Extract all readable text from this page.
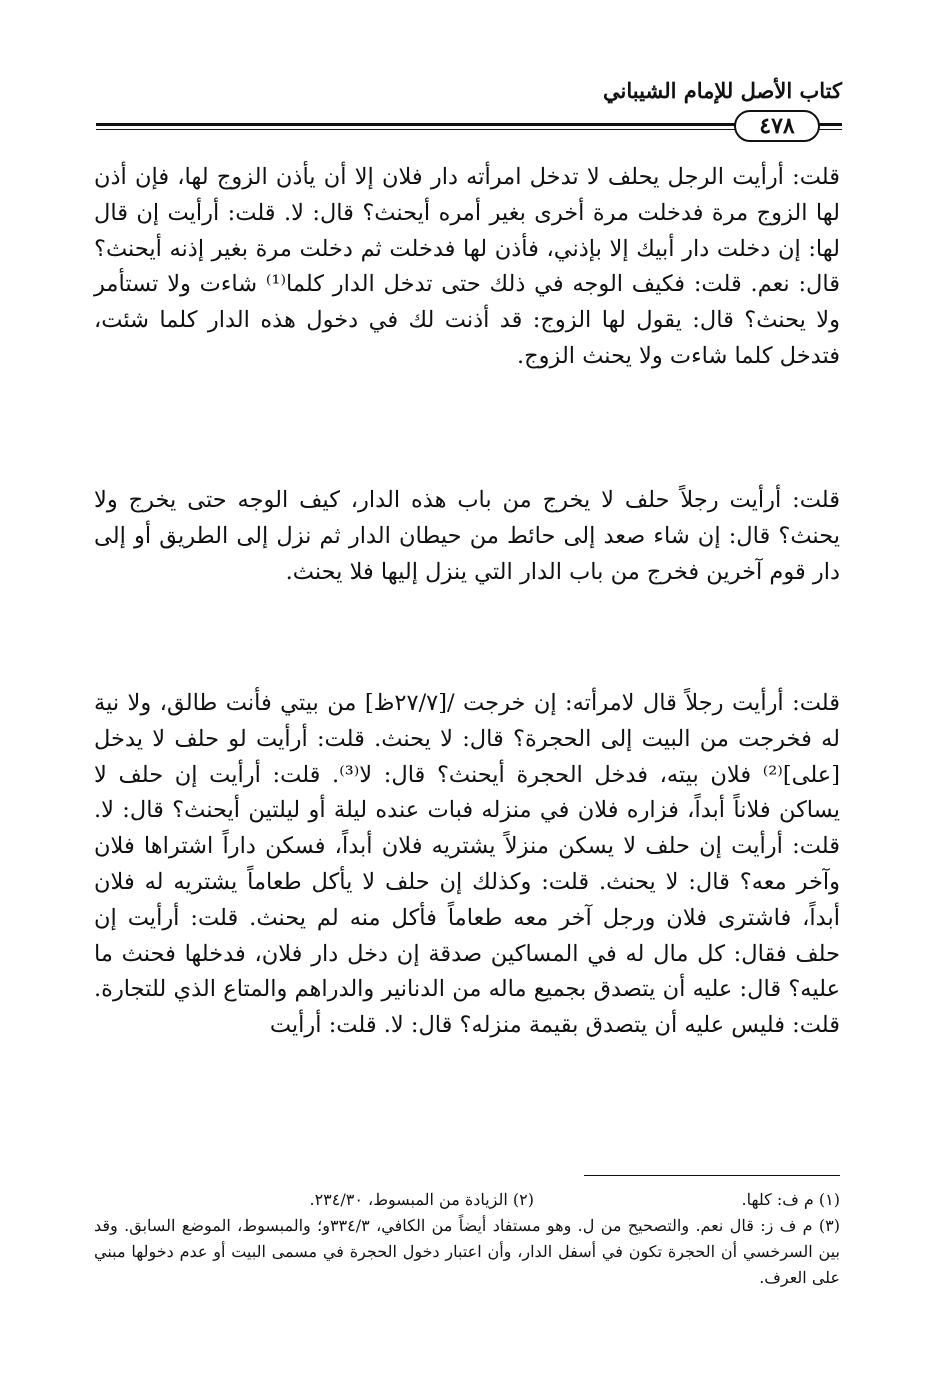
كتاب الأصل للإمام الشيباني
٤٧٨

قلت: أرأيت الرجل يحلف لا تدخل امرأته دار فلان إلا أن يأذن الزوج لها، فإن أذن لها الزوج مرة فدخلت مرة أخرى بغير أمره أيحنث؟ قال: لا. قلت: أرأيت إن قال لها: إن دخلت دار أبيك إلا بإذني، فأذن لها فدخلت ثم دخلت مرة بغير إذنه أيحنث؟ قال: نعم. قلت: فكيف الوجه في ذلك حتى تدخل الدار كلما⁽¹⁾ شاءت ولا تستأمر ولا يحنث؟ قال: يقول لها الزوج: قد أذنت لك في دخول هذه الدار كلما شئت، فتدخل كلما شاءت ولا يحنث الزوج.

قلت: أرأيت رجلاً حلف لا يخرج من باب هذه الدار، كيف الوجه حتى يخرج ولا يحنث؟ قال: إن شاء صعد إلى حائط من حيطان الدار ثم نزل إلى الطريق أو إلى دار قوم آخرين فخرج من باب الدار التي ينزل إليها فلا يحنث.

قلت: أرأيت رجلاً قال لامرأته: إن خرجت /[٢٧/٧ظ] من بيتي فأنت طالق، ولا نية له فخرجت من البيت إلى الحجرة؟ قال: لا يحنث. قلت: أرأيت لو حلف لا يدخل [على]⁽²⁾ فلان بيته، فدخل الحجرة أيحنث؟ قال: لا⁽³⁾. قلت: أرأيت إن حلف لا يساكن فلاناً أبداً، فزاره فلان في منزله فبات عنده ليلة أو ليلتين أيحنث؟ قال: لا. قلت: أرأيت إن حلف لا يسكن منزلاً يشتريه فلان أبداً، فسكن داراً اشتراها فلان وآخر معه؟ قال: لا يحنث. قلت: وكذلك إن حلف لا يأكل طعاماً يشتريه له فلان أبداً، فاشترى فلان ورجل آخر معه طعاماً فأكل منه لم يحنث. قلت: أرأيت إن حلف فقال: كل مال له في المساكين صدقة إن دخل دار فلان، فدخلها فحنث ما عليه؟ قال: عليه أن يتصدق بجميع ماله من الدنانير والدراهم والمتاع الذي للتجارة. قلت: فليس عليه أن يتصدق بقيمة منزله؟ قال: لا. قلت: أرأيت

(١) م ف: كلها.
(٢) الزيادة من المبسوط، ٢٣٤/٣٠.

(٣) م ف ز: قال نعم. والتصحيح من ل. وهو مستفاد أيضاً من الكافي، ٣٣٤/٣و؛ والمبسوط، الموضع السابق. وقد بين السرخسي أن الحجرة تكون في أسفل الدار، وأن اعتبار دخول الحجرة في مسمى البيت أو عدم دخولها مبني على العرف.
